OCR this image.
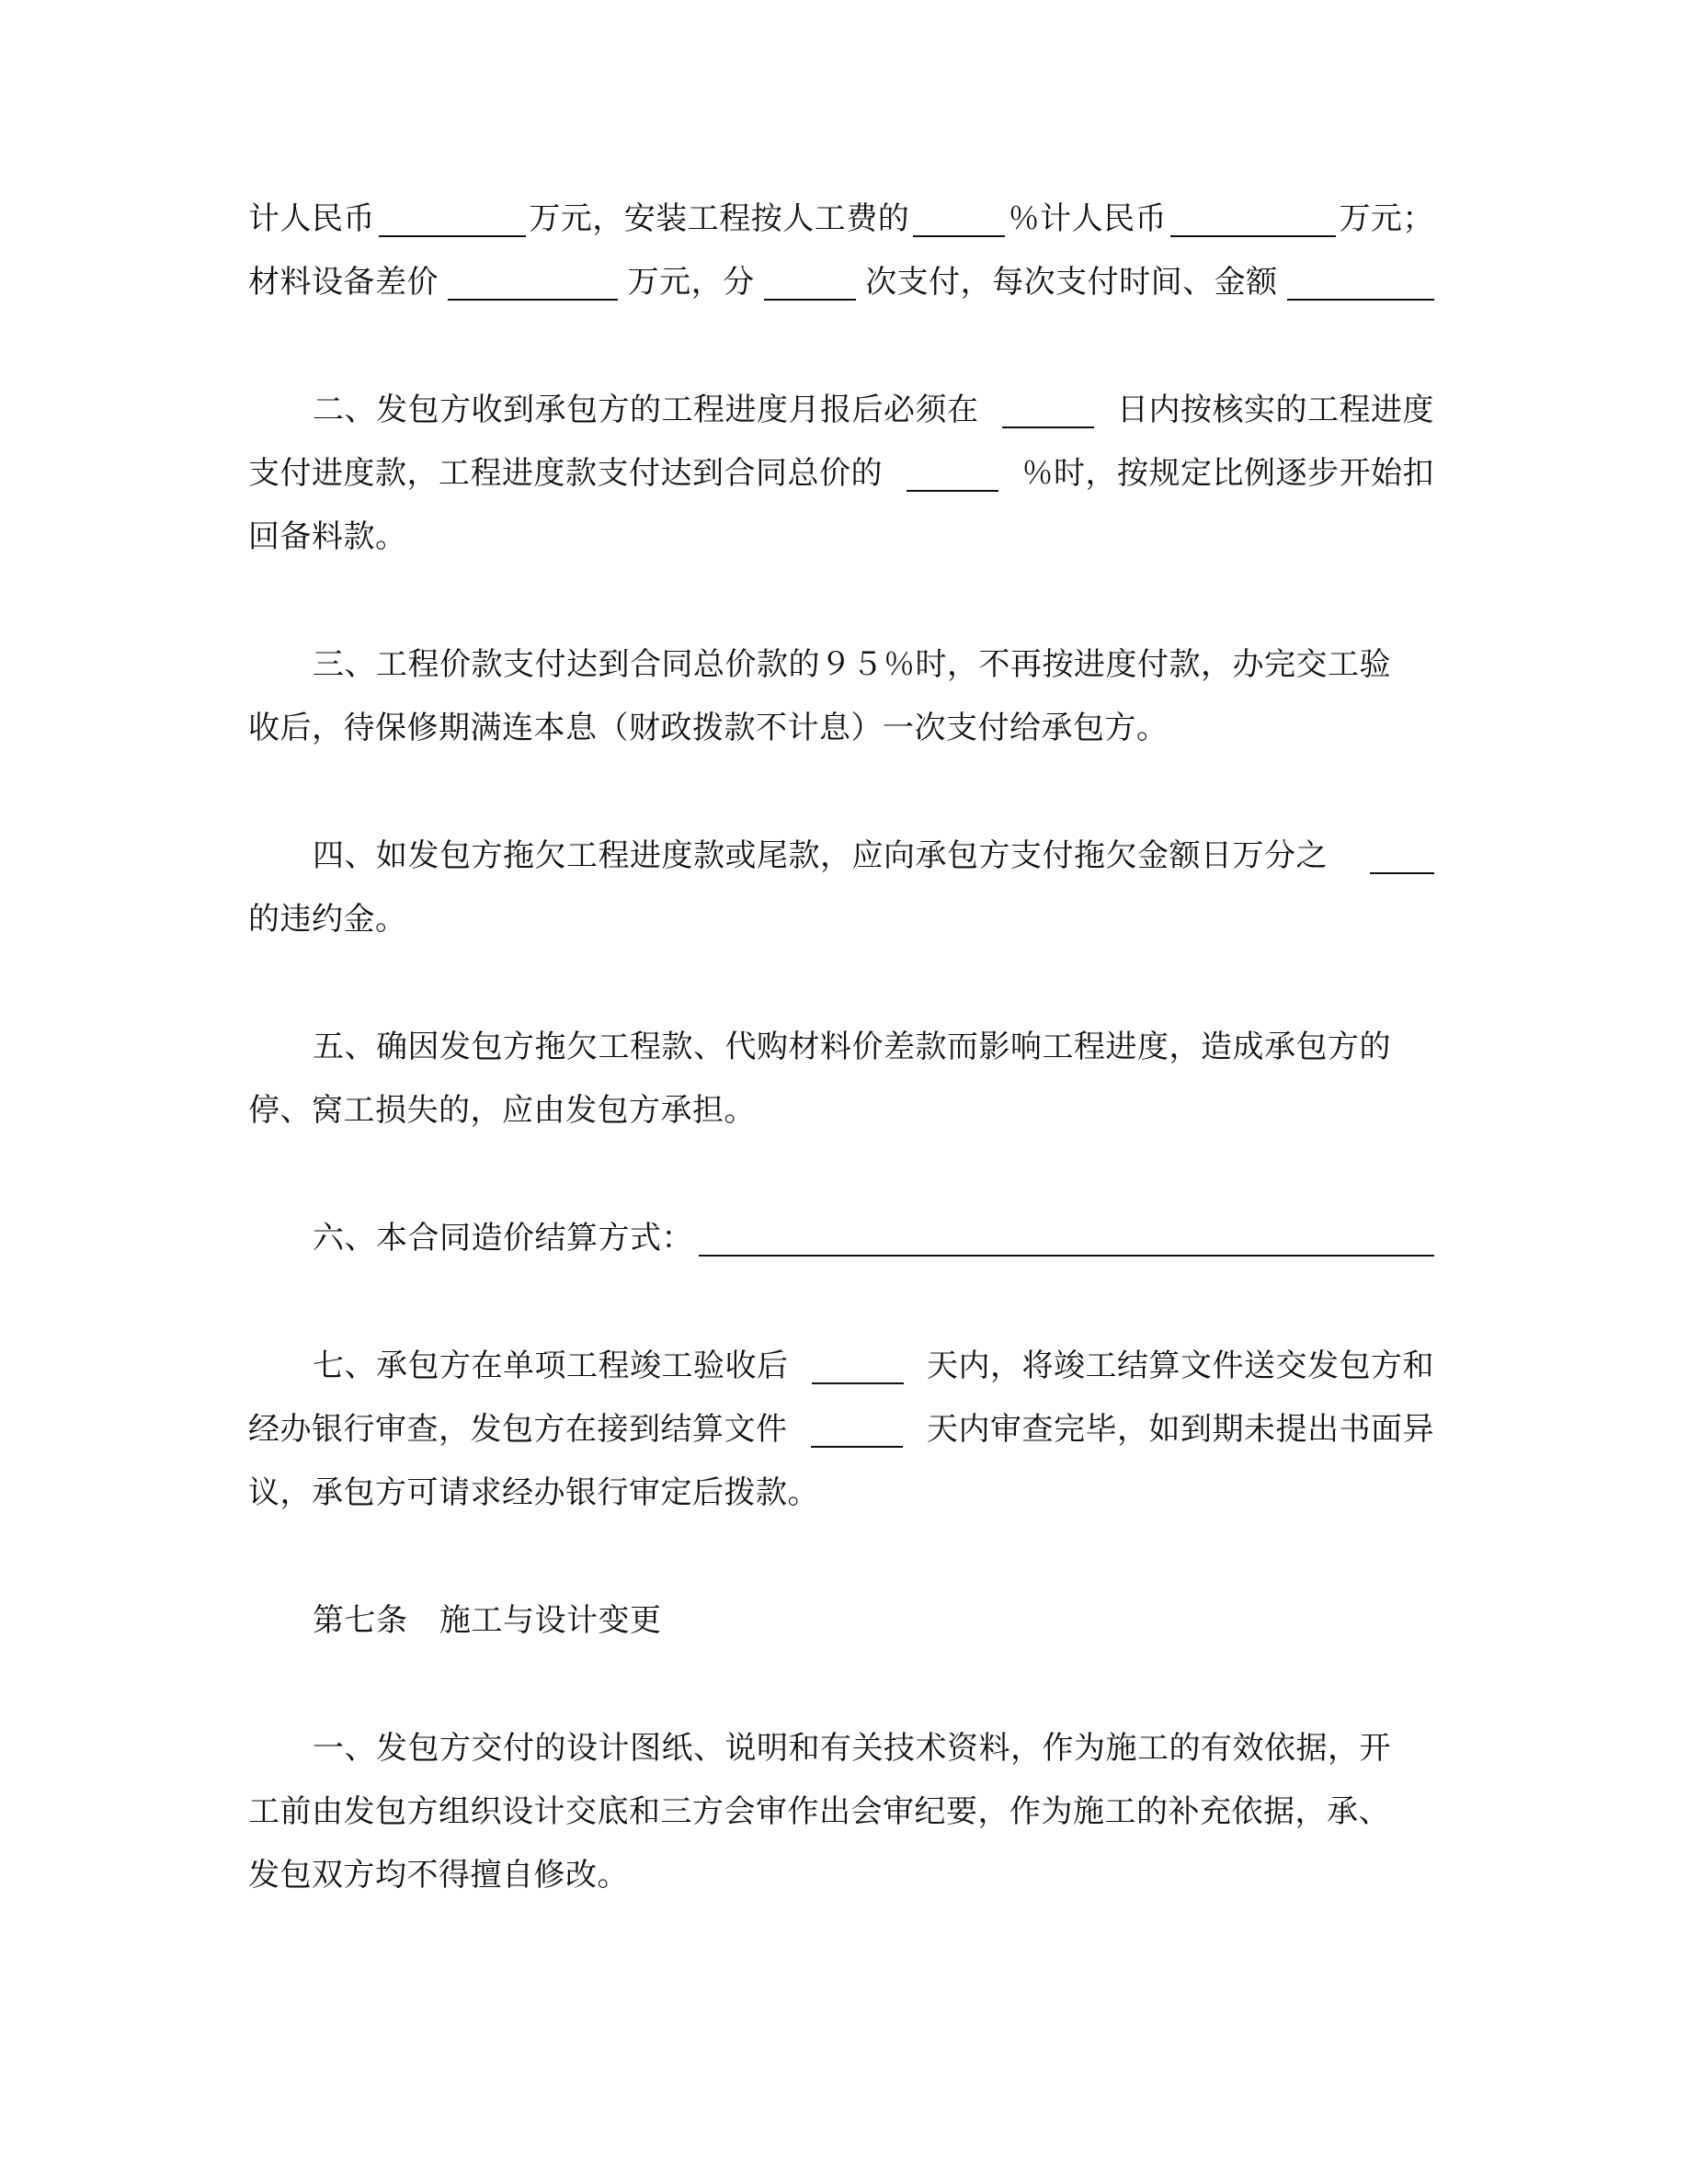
计人民币	万元，安装工程按人工费的	％计人民币	万元；
材料设备差价	万元，分	次支付，每次支付时间、金额
二、发包方收到承包方的工程进度月报后必须在	日内按核实的工程进度
支付进度款，工程进度款支付达到合同总价的	％时，按规定比例逐步开始扣
回备料款。
三、工程价款支付达到合同总价款的９５％时，不再按进度付款，办完交工验
收后，待保修期满连本息（财政拨款不计息）一次支付给承包方。
四、如发包方拖欠工程进度款或尾款，应向承包方支付拖欠金额日万分之
的违约金。
五、确因发包方拖欠工程款、代购材料价差款而影响工程进度，造成承包方的
停、窝工损失的，应由发包方承担。
六、本合同造价结算方式：
七、承包方在单项工程竣工验收后	天内，将竣工结算文件送交发包方和
经办银行审查，发包方在接到结算文件	天内审查完毕，如到期未提出书面异
议，承包方可请求经办银行审定后拨款。
第七条　施工与设计变更
一、发包方交付的设计图纸、说明和有关技术资料，作为施工的有效依据，开
工前由发包方组织设计交底和三方会审作出会审纪要，作为施工的补充依据，承、
发包双方均不得擅自修改。
